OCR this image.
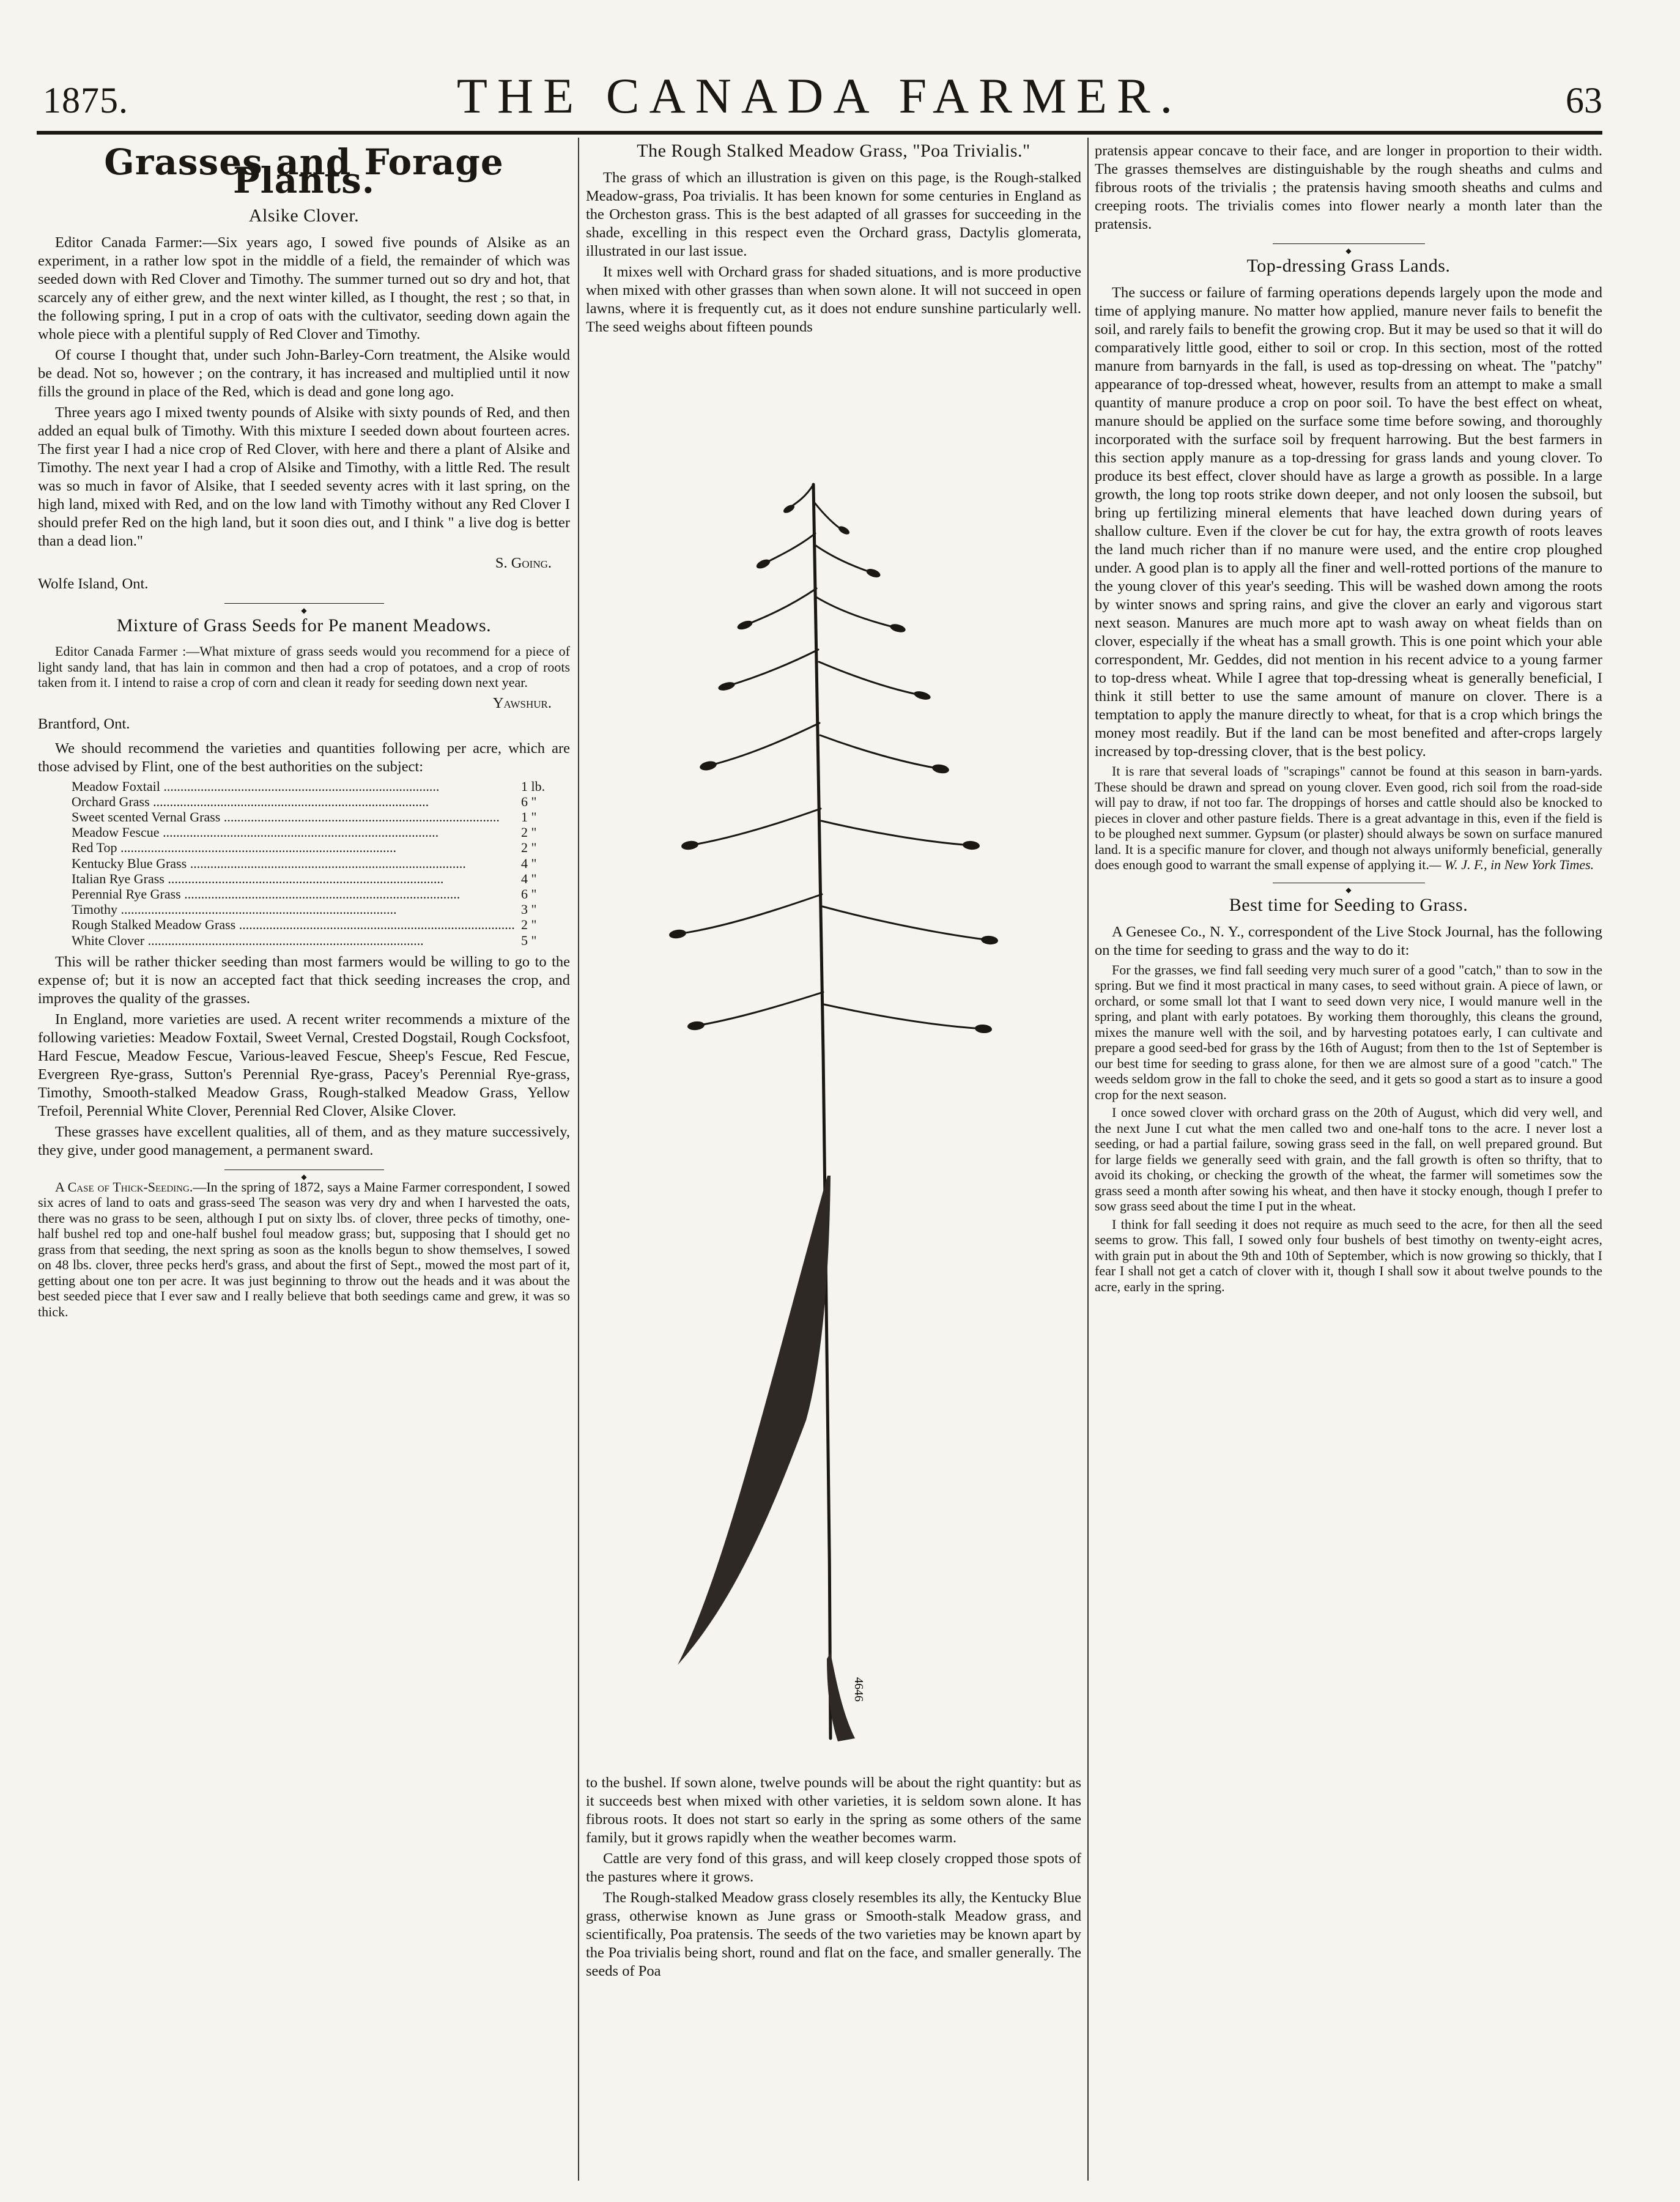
1875.	THE CANADA FARMER.	63
Grasses and Forage Plants.
Alsike Clover.

Editor Canada Farmer:—Six years ago, I sowed five pounds of Alsike as an experiment, in a rather low spot in the middle of a field, the remainder of which was seeded down with Red Clover and Timothy. The summer turned out so dry and hot, that scarcely any of either grew, and the next winter killed, as I thought, the rest ; so that, in the following spring, I put in a crop of oats with the cultivator, seeding down again the whole piece with a plentiful supply of Red Clover and Timothy.

Of course I thought that, under such John-Barley-Corn treatment, the Alsike would be dead. Not so, however ; on the contrary, it has increased and multiplied until it now fills the ground in place of the Red, which is dead and gone long ago.

Three years ago I mixed twenty pounds of Alsike with sixty pounds of Red, and then added an equal bulk of Timothy. With this mixture I seeded down about fourteen acres. The first year I had a nice crop of Red Clover, with here and there a plant of Alsike and Timothy. The next year I had a crop of Alsike and Timothy, with a little Red. The result was so much in favor of Alsike, that I seeded seventy acres with it last spring, on the high land, mixed with Red, and on the low land with Timothy without any Red Clover I should prefer Red on the high land, but it soon dies out, and I think " a live dog is better than a dead lion."

S. Going.
Wolfe Island, Ont.
◆
Mixture of Grass Seeds for Pe manent Meadows.

Editor Canada Farmer :—What mixture of grass seeds would you recommend for a piece of light sandy land, that has lain in common and then had a crop of potatoes, and a crop of roots taken from it. I intend to raise a crop of corn and clean it ready for seeding down next year.

Yawshur.
Brantford, Ont.

We should recommend the varieties and quantities following per acre, which are those advised by Flint, one of the best authorities on the subject:

Meadow Foxtail .....	1 lb.
Orchard Grass .....	6 "
Sweet scented Vernal Grass .....	1 "
Meadow Fescue .....	2 "
Red Top .....	2 "
Kentucky Blue Grass .....	4 "
Italian Rye Grass .....	4 "
Perennial Rye Grass .....	6 "
Timothy .....	3 "
Rough Stalked Meadow Grass .....	2 "
White Clover .....	5 "

This will be rather thicker seeding than most farmers would be willing to go to the expense of; but it is now an accepted fact that thick seeding increases the crop, and improves the quality of the grasses.

In England, more varieties are used. A recent writer recommends a mixture of the following varieties: Meadow Foxtail, Sweet Vernal, Crested Dogstail, Rough Cocksfoot, Hard Fescue, Meadow Fescue, Various-leaved Fescue, Sheep's Fescue, Red Fescue, Evergreen Rye-grass, Sutton's Perennial Rye-grass, Pacey's Perennial Rye-grass, Timothy, Smooth-stalked Meadow Grass, Rough-stalked Meadow Grass, Yellow Trefoil, Perennial White Clover, Perennial Red Clover, Alsike Clover.

These grasses have excellent qualities, all of them, and as they mature successively, they give, under good management, a permanent sward.

◆

A Case of Thick-Seeding.—In the spring of 1872, says a Maine Farmer correspondent, I sowed six acres of land to oats and grass-seed The season was very dry and when I harvested the oats, there was no grass to be seen, although I put on sixty lbs. of clover, three pecks of timothy, one-half bushel red top and one-half bushel foul meadow grass; but, supposing that I should get no grass from that seeding, the next spring as soon as the knolls begun to show themselves, I sowed on 48 lbs. clover, three pecks herd's grass, and about the first of Sept., mowed the most part of it, getting about one ton per acre. It was just beginning to throw out the heads and it was about the best seeded piece that I ever saw and I really believe that both seedings came and grew, it was so thick.

The Rough Stalked Meadow Grass, "Poa Trivialis."

The grass of which an illustration is given on this page, is the Rough-stalked Meadow-grass, Poa trivialis. It has been known for some centuries in England as the Orcheston grass. This is the best adapted of all grasses for succeeding in the shade, excelling in this respect even the Orchard grass, Dactylis glomerata, illustrated in our last issue.

It mixes well with Orchard grass for shaded situations, and is more productive when mixed with other grasses than when sown alone. It will not succeed in open lawns, where it is frequently cut, as it does not endure sunshine particularly well. The seed weighs about fifteen pounds

4646

to the bushel. If sown alone, twelve pounds will be about the right quantity: but as it succeeds best when mixed with other varieties, it is seldom sown alone. It has fibrous roots. It does not start so early in the spring as some others of the same family, but it grows rapidly when the weather becomes warm.

Cattle are very fond of this grass, and will keep closely cropped those spots of the pastures where it grows.

The Rough-stalked Meadow grass closely resembles its ally, the Kentucky Blue grass, otherwise known as June grass or Smooth-stalk Meadow grass, and scientifically, Poa pratensis. The seeds of the two varieties may be known apart by the Poa trivialis being short, round and flat on the face, and smaller generally. The seeds of Poa

pratensis appear concave to their face, and are longer in proportion to their width. The grasses themselves are distinguishable by the rough sheaths and culms and fibrous roots of the trivialis ; the pratensis having smooth sheaths and culms and creeping roots. The trivialis comes into flower nearly a month later than the pratensis.

◆
Top-dressing Grass Lands.

The success or failure of farming operations depends largely upon the mode and time of applying manure. No matter how applied, manure never fails to benefit the soil, and rarely fails to benefit the growing crop. But it may be used so that it will do comparatively little good, either to soil or crop. In this section, most of the rotted manure from barnyards in the fall, is used as top-dressing on wheat. The "patchy" appearance of top-dressed wheat, however, results from an attempt to make a small quantity of manure produce a crop on poor soil. To have the best effect on wheat, manure should be applied on the surface some time before sowing, and thoroughly incorporated with the surface soil by frequent harrowing. But the best farmers in this section apply manure as a top-dressing for grass lands and young clover. To produce its best effect, clover should have as large a growth as possible. In a large growth, the long top roots strike down deeper, and not only loosen the subsoil, but bring up fertilizing mineral elements that have leached down during years of shallow culture. Even if the clover be cut for hay, the extra growth of roots leaves the land much richer than if no manure were used, and the entire crop ploughed under. A good plan is to apply all the finer and well-rotted portions of the manure to the young clover of this year's seeding. This will be washed down among the roots by winter snows and spring rains, and give the clover an early and vigorous start next season. Manures are much more apt to wash away on wheat fields than on clover, especially if the wheat has a small growth. This is one point which your able correspondent, Mr. Geddes, did not mention in his recent advice to a young farmer to top-dress wheat. While I agree that top-dressing wheat is generally beneficial, I think it still better to use the same amount of manure on clover. There is a temptation to apply the manure directly to wheat, for that is a crop which brings the money most readily. But if the land can be most benefited and after-crops largely increased by top-dressing clover, that is the best policy.

It is rare that several loads of "scrapings" cannot be found at this season in barn-yards. These should be drawn and spread on young clover. Even good, rich soil from the road-side will pay to draw, if not too far. The droppings of horses and cattle should also be knocked to pieces in clover and other pasture fields. There is a great advantage in this, even if the field is to be ploughed next summer. Gypsum (or plaster) should always be sown on surface manured land. It is a specific manure for clover, and though not always uniformly beneficial, generally does enough good to warrant the small expense of applying it.— W. J. F., in New York Times.

◆
Best time for Seeding to Grass.

A Genesee Co., N. Y., correspondent of the Live Stock Journal, has the following on the time for seeding to grass and the way to do it:

For the grasses, we find fall seeding very much surer of a good "catch," than to sow in the spring. But we find it most practical in many cases, to seed without grain. A piece of lawn, or orchard, or some small lot that I want to seed down very nice, I would manure well in the spring, and plant with early potatoes. By working them thoroughly, this cleans the ground, mixes the manure well with the soil, and by harvesting potatoes early, I can cultivate and prepare a good seed-bed for grass by the 16th of August; from then to the 1st of September is our best time for seeding to grass alone, for then we are almost sure of a good "catch." The weeds seldom grow in the fall to choke the seed, and it gets so good a start as to insure a good crop for the next season.

I once sowed clover with orchard grass on the 20th of August, which did very well, and the next June I cut what the men called two and one-half tons to the acre. I never lost a seeding, or had a partial failure, sowing grass seed in the fall, on well prepared ground. But for large fields we generally seed with grain, and the fall growth is often so thrifty, that to avoid its choking, or checking the growth of the wheat, the farmer will sometimes sow the grass seed a month after sowing his wheat, and then have it stocky enough, though I prefer to sow grass seed about the time I put in the wheat.

I think for fall seeding it does not require as much seed to the acre, for then all the seed seems to grow. This fall, I sowed only four bushels of best timothy on twenty-eight acres, with grain put in about the 9th and 10th of September, which is now growing so thickly, that I fear I shall not get a catch of clover with it, though I shall sow it about twelve pounds to the acre, early in the spring.
